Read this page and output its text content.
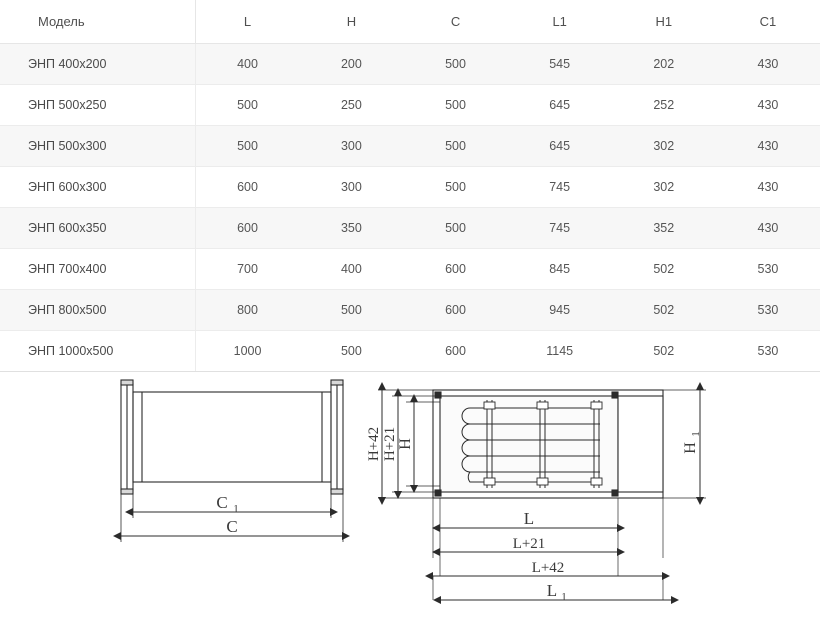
Модель	L	H	C	L1	H1	C1
ЭНП 400х200	400	200	500	545	202	430
ЭНП 500х250	500	250	500	645	252	430
ЭНП 500х300	500	300	500	645	302	430
ЭНП 600х300	600	300	500	745	302	430
ЭНП 600х350	600	350	500	745	352	430
ЭНП 700х400	700	400	600	845	502	530
ЭНП 800х500	800	500	600	945	502	530
ЭНП 1000х500	1000	500	600	1145	502	530
C 1
C
H+42 H+21 H	H
1
L
L+21
L+42
L 1
